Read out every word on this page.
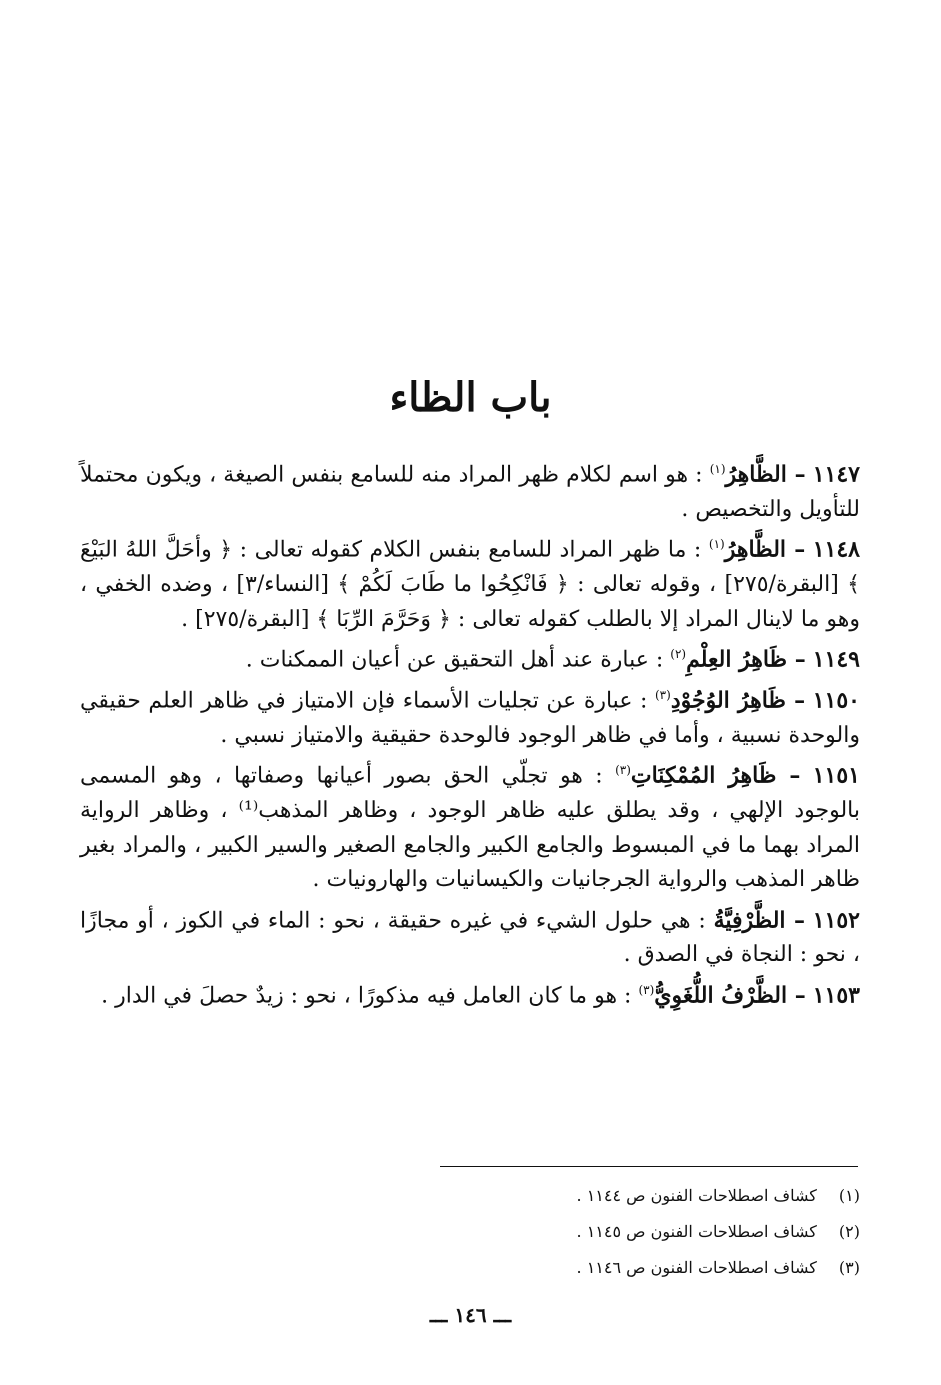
باب الظاء

١١٤٧ – الظَّاهِرُ$^{(١)}$ : هو اسم لكلام ظهر المراد منه للسامع بنفس الصيغة ، ويكون محتملاً للتأويل والتخصيص .

١١٤٨ – الظَّاهِرُ$^{(١)}$ : ما ظهر المراد للسامع بنفس الكلام كقوله تعالى : ﴿ وأحَلَّ اللهُ البَيْعَ ﴾ [البقرة/٢٧٥] ، وقوله تعالى : ﴿ فَانْكِحُوا ما طَابَ لَكُمْ ﴾ [النساء/٣] ، وضده الخفي ، وهو ما لاينال المراد إلا بالطلب كقوله تعالى : ﴿ وَحَرَّمَ الرِّبَا ﴾ [البقرة/٢٧٥] .

١١٤٩ – ظَاهِرُ العِلْمِ$^{(٢)}$ : عبارة عند أهل التحقيق عن أعيان الممكنات .

١١٥٠ – ظَاهِرُ الوُجُوْدِ$^{(٣)}$ : عبارة عن تجليات الأسماء فإن الامتياز في ظاهر العلم حقيقي والوحدة نسبية ، وأما في ظاهر الوجود فالوحدة حقيقية والامتياز نسبي .

١١٥١ – ظَاهِرُ المُمْكِنَاتِ$^{(٣)}$ : هو تجلّي الحق بصور أعيانها وصفاتها ، وهو المسمى بالوجود الإلهي ، وقد يطلق عليه ظاهر الوجود ، وظاهر المذهب⁽¹⁾ ، وظاهر الرواية المراد بهما ما في المبسوط والجامع الكبير والجامع الصغير والسير الكبير ، والمراد بغير ظاهر المذهب والرواية الجرجانيات والكيسانيات والهارونيات .

١١٥٢ – الظَّرْفِيَّةُ : هي حلول الشيء في غيره حقيقة ، نحو : الماء في الكوز ، أو مجازًا ، نحو : النجاة في الصدق .

١١٥٣ – الظَّرْفُ اللُّغَوِيُّ$^{(٣)}$ : هو ما كان العامل فيه مذكورًا ، نحو : زيدٌ حصلَ في الدار .

(١) كشاف اصطلاحات الفنون ص ١١٤٤ .

(٢) كشاف اصطلاحات الفنون ص ١١٤٥ .

(٣) كشاف اصطلاحات الفنون ص ١١٤٦ .

ـــ ١٤٦ ـــ
